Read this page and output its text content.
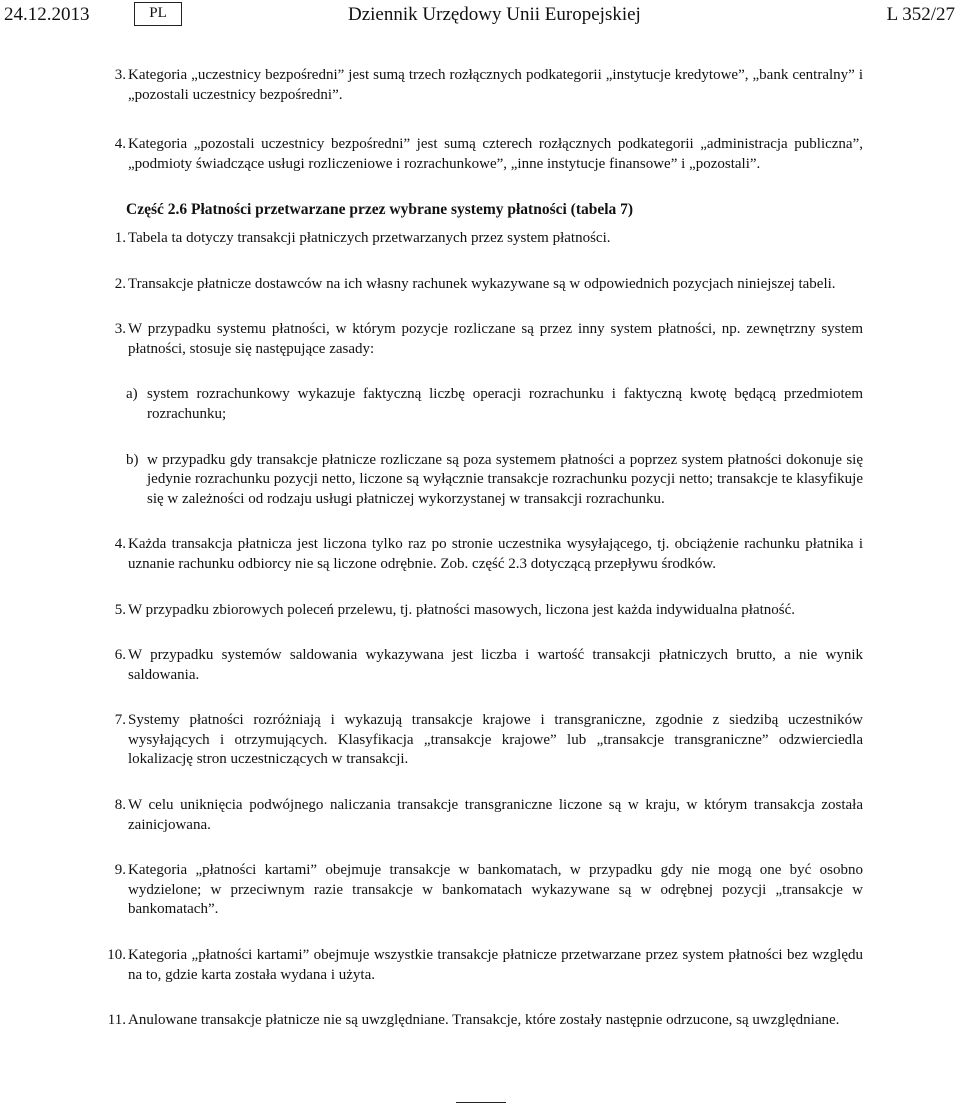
24.12.2013	PL	Dziennik Urzędowy Unii Europejskiej	L 352/27
3. Kategoria „uczestnicy bezpośredni” jest sumą trzech rozłącznych podkategorii „instytucje kredytowe”, „bank centralny” i „pozostali uczestnicy bezpośredni”.
4. Kategoria „pozostali uczestnicy bezpośredni” jest sumą czterech rozłącznych podkategorii „administracja publiczna”, „podmioty świadczące usługi rozliczeniowe i rozrachunkowe”, „inne instytucje finansowe” i „pozostali”.
Część 2.6 Płatności przetwarzane przez wybrane systemy płatności (tabela 7)
1. Tabela ta dotyczy transakcji płatniczych przetwarzanych przez system płatności.
2. Transakcje płatnicze dostawców na ich własny rachunek wykazywane są w odpowiednich pozycjach niniejszej tabeli.
3. W przypadku systemu płatności, w którym pozycje rozliczane są przez inny system płatności, np. zewnętrzny system płatności, stosuje się następujące zasady:
a) system rozrachunkowy wykazuje faktyczną liczbę operacji rozrachunku i faktyczną kwotę będącą przedmiotem rozrachunku;
b) w przypadku gdy transakcje płatnicze rozliczane są poza systemem płatności a poprzez system płatności dokonuje się jedynie rozrachunku pozycji netto, liczone są wyłącznie transakcje rozrachunku pozycji netto; transakcje te klasyfikuje się w zależności od rodzaju usługi płatniczej wykorzystanej w transakcji rozrachunku.
4. Każda transakcja płatnicza jest liczona tylko raz po stronie uczestnika wysyłającego, tj. obciążenie rachunku płatnika i uznanie rachunku odbiorcy nie są liczone odrębnie. Zob. część 2.3 dotyczącą przepływu środków.
5. W przypadku zbiorowych poleceń przelewu, tj. płatności masowych, liczona jest każda indywidualna płatność.
6. W przypadku systemów saldowania wykazywana jest liczba i wartość transakcji płatniczych brutto, a nie wynik saldowania.
7. Systemy płatności rozróżniają i wykazują transakcje krajowe i transgraniczne, zgodnie z siedzibą uczestników wysyłających i otrzymujących. Klasyfikacja „transakcje krajowe” lub „transakcje transgraniczne” odzwierciedla lokalizację stron uczestniczących w transakcji.
8. W celu uniknięcia podwójnego naliczania transakcje transgraniczne liczone są w kraju, w którym transakcja została zainicjowana.
9. Kategoria „płatności kartami” obejmuje transakcje w bankomatach, w przypadku gdy nie mogą one być osobno wydzielone; w przeciwnym razie transakcje w bankomatach wykazywane są w odrębnej pozycji „transakcje w bankomatach”.
10. Kategoria „płatności kartami” obejmuje wszystkie transakcje płatnicze przetwarzane przez system płatności bez względu na to, gdzie karta została wydana i użyta.
11. Anulowane transakcje płatnicze nie są uwzględniane. Transakcje, które zostały następnie odrzucone, są uwzględniane.
